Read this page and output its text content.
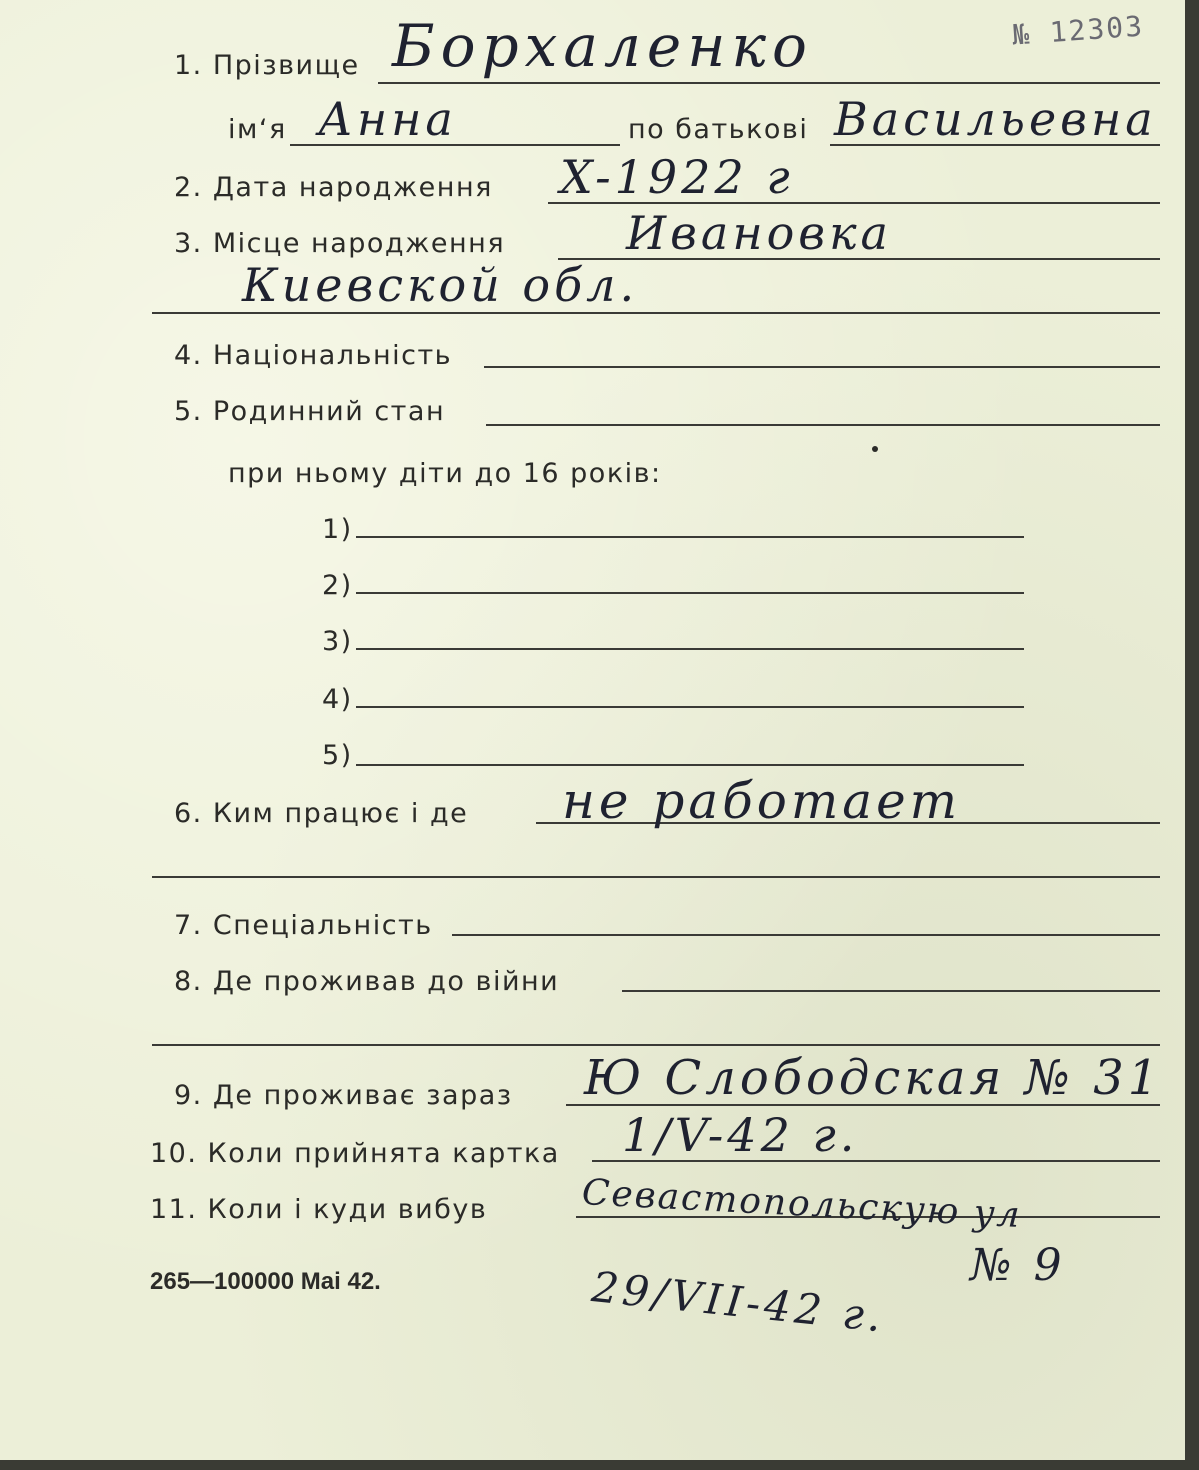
№ 12303
1. Прізвище Борхаленко
ім‘я Анна	по батькові Васильевна
2. Дата народження X-1922 г
3. Місце народження	Ивановка
Киевской обл.
4. Національність
5. Родинний стан
при ньому діти до 16 років:
1)
2)
3)
4)
5)
6. Ким працює і де не работает
7. Спеціальність
8. Де проживав до війни
9. Де проживає зараз Ю Слободская № 31
10. Коли прийнята картка 1/V-42 г.
11. Коли і куди вибув	Севастопольскую ул
№ 9
29/VII-42 г.
265—100000 Mai 42.
